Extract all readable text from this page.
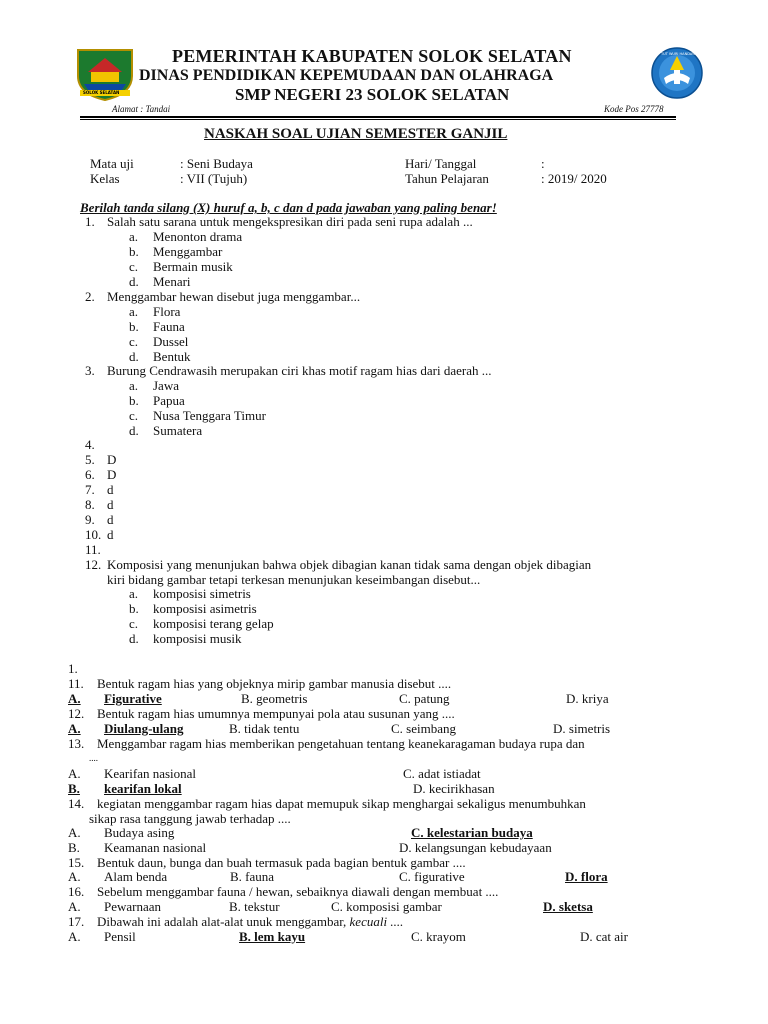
SOLOK SELATAN
TUT WURI HANDAYANI
PEMERINTAH KABUPATEN SOLOK SELATAN
DINAS PENDIDIKAN KEPEMUDAAN DAN OLAHRAGA
SMP NEGERI 23 SOLOK SELATAN
Alamat : Tandai	Kode Pos 27778
NASKAH SOAL UJIAN SEMESTER GANJIL
Mata uji	: Seni Budaya	Hari/ Tanggal	:
Kelas	: VII (Tujuh)	Tahun Pelajaran	: 2019/ 2020
Berilah tanda silang (X) huruf a, b, c dan d pada jawaban yang paling benar!
1. Salah satu sarana untuk mengekspresikan diri pada seni rupa adalah ...
a.	Menonton drama
b.	Menggambar
c.	Bermain musik
d.	Menari
2. Menggambar hewan disebut juga menggambar...
a.	Flora
b.	Fauna
c.	Dussel
d.	Bentuk
3. Burung Cendrawasih merupakan ciri khas motif ragam hias dari daerah ...
a.	Jawa
b.	Papua
c.	Nusa Tenggara Timur
d.	Sumatera
4.
5. D
6. D
7. d
8. d
9. d
10. d
11.
12. Komposisi yang menunjukan bahwa objek dibagian kanan tidak sama dengan objek dibagian
kiri bidang gambar tetapi terkesan menunjukan keseimbangan disebut...
a.	komposisi simetris
b.	komposisi asimetris
c.	komposisi terang gelap
d.	komposisi musik
1.
11. Bentuk ragam hias yang objeknya mirip gambar manusia disebut ....
A. Figurative	B. geometris	C. patung	D. kriya
12. Bentuk ragam hias umumnya mempunyai pola atau susunan yang ....
A. Diulang-ulang	B. tidak tentu	C. seimbang	D. simetris
13. Menggambar ragam hias memberikan pengetahuan tentang keanekaragaman budaya rupa dan
....
A. Kearifan nasional	C. adat istiadat
B. kearifan lokal	D. kecirikhasan
14. kegiatan menggambar ragam hias dapat memupuk sikap menghargai sekaligus menumbuhkan
sikap rasa tanggung jawab terhadap ....
A. Budaya asing	C. kelestarian budaya
B. Keamanan nasional	D. kelangsungan kebudayaan
15. Bentuk daun, bunga dan buah termasuk pada bagian bentuk gambar ....
A. Alam benda	B. fauna	C. figurative	D. flora
16. Sebelum menggambar fauna / hewan, sebaiknya diawali dengan membuat ....
A. Pewarnaan	B. tekstur	C. komposisi gambar	D. sketsa
17. Dibawah ini adalah alat-alat unuk menggambar, kecuali ....
A. Pensil	B. lem kayu	C. krayom	D. cat air
